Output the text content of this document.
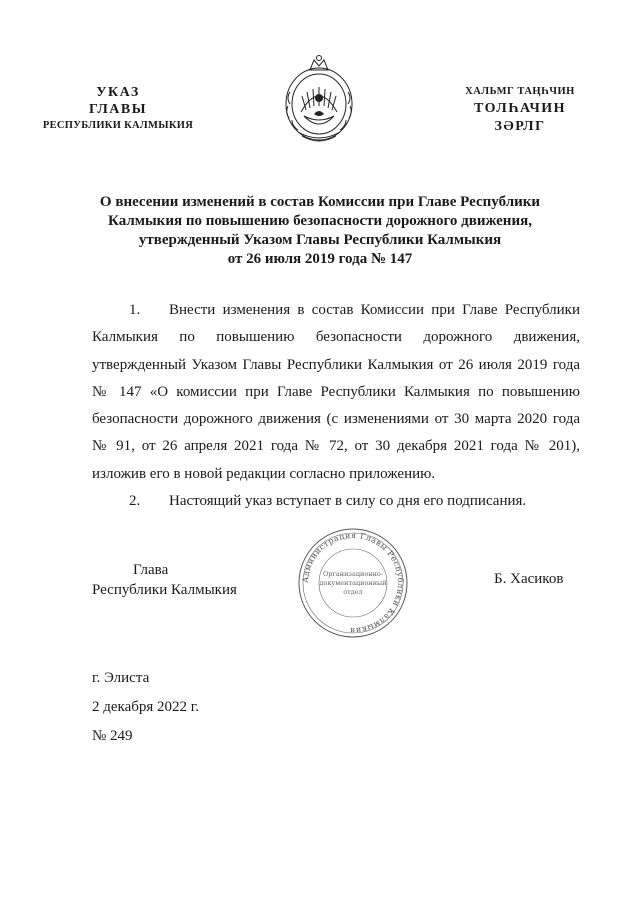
УКАЗ
ГЛАВЫ
РЕСПУБЛИКИ КАЛМЫКИЯ
ХАЛЬМГ ТАҢҺЧИН
ТОЛҺАЧИН
ЗӘРЛГ
О внесении изменений в состав Комиссии при Главе Республики
Калмыкия по повышению безопасности дорожного движения,
утвержденный Указом Главы Республики Калмыкия
от 26 июля 2019 года № 147
1. Внести изменения в состав Комиссии при Главе Республики Калмыкия по повышению безопасности дорожного движения, утвержденный Указом Главы Республики Калмыкия от 26 июля 2019 года № 147 «О комиссии при Главе Республики Калмыкия по повышению безопасности дорожного движения (с изменениями от 30 марта 2020 года № 91, от 26 апреля 2021 года № 72, от 30 декабря 2021 года № 201), изложив его в новой редакции согласно приложению.
2. Настоящий указ вступает в силу со дня его подписания.
Глава
Республики Калмыкия
Администрация Главы Республики Калмыкия
Организационно-
документационный
отдел
Б. Хасиков
г. Элиста
2 декабря 2022 г.
№ 249
